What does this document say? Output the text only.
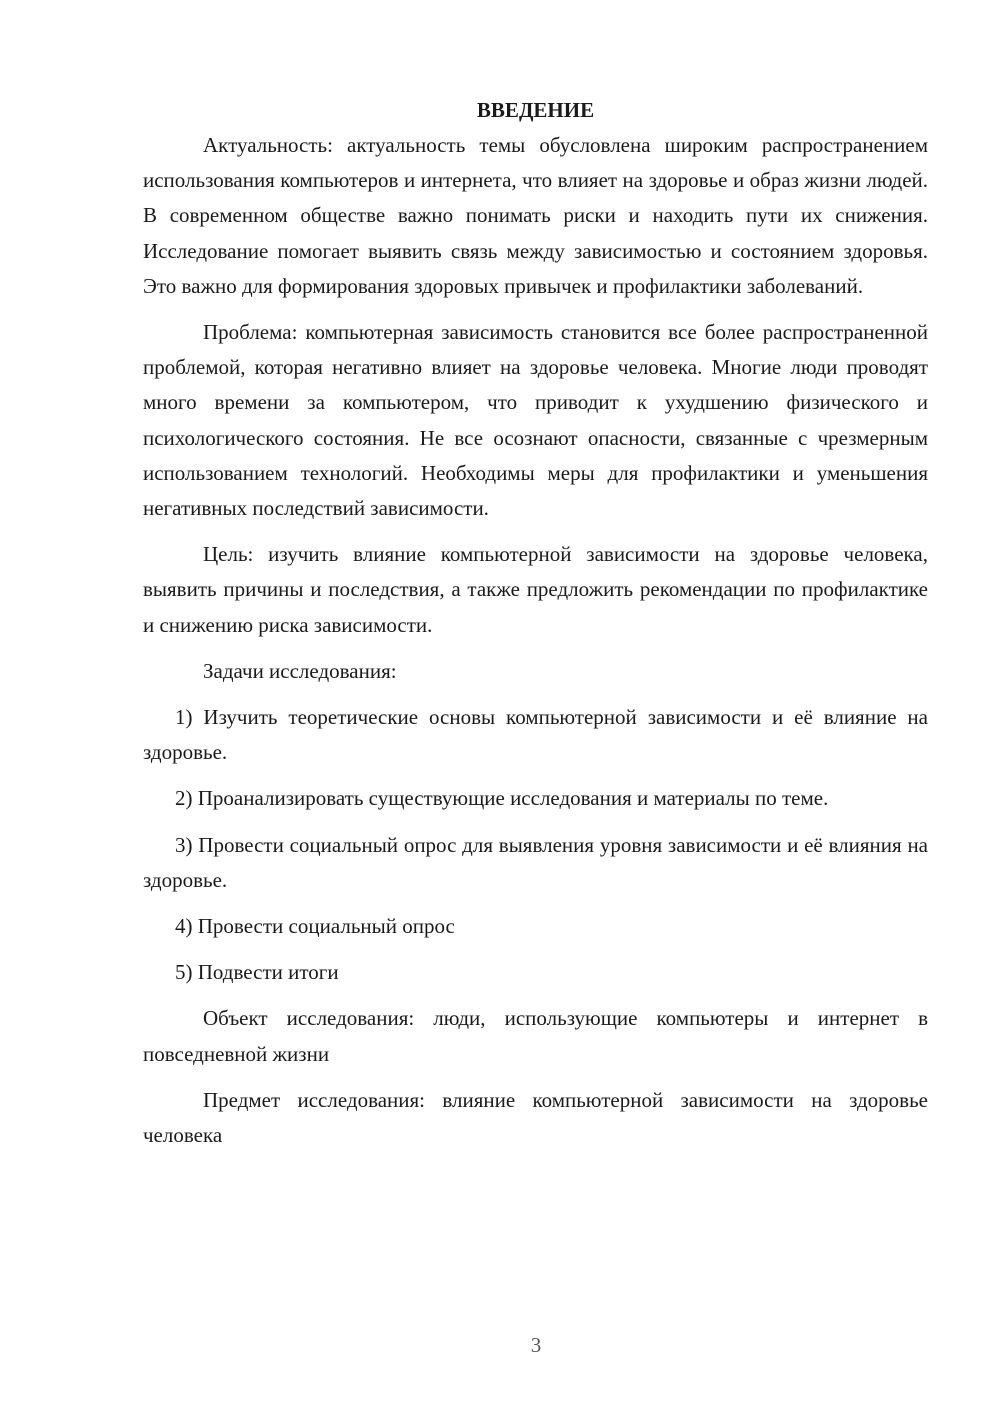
ВВЕДЕНИЕ

Актуальность: актуальность темы обусловлена широким распространением использования компьютеров и интернета, что влияет на здоровье и образ жизни людей. В современном обществе важно понимать риски и находить пути их снижения. Исследование помогает выявить связь между зависимостью и состоянием здоровья. Это важно для формирования здоровых привычек и профилактики заболеваний.

Проблема: компьютерная зависимость становится все более распространенной проблемой, которая негативно влияет на здоровье человека. Многие люди проводят много времени за компьютером, что приводит к ухудшению физического и психологического состояния. Не все осознают опасности, связанные с чрезмерным использованием технологий. Необходимы меры для профилактики и уменьшения негативных последствий зависимости.

Цель: изучить влияние компьютерной зависимости на здоровье человека, выявить причины и последствия, а также предложить рекомендации по профилактике и снижению риска зависимости.

Задачи исследования:

1) Изучить теоретические основы компьютерной зависимости и её влияние на здоровье.

2) Проанализировать существующие исследования и материалы по теме.

3) Провести социальный опрос для выявления уровня зависимости и её влияния на здоровье.

4) Провести социальный опрос

5) Подвести итоги

Объект исследования: люди, использующие компьютеры и интернет в повседневной жизни

Предмет исследования: влияние компьютерной зависимости на здоровье человека

3
